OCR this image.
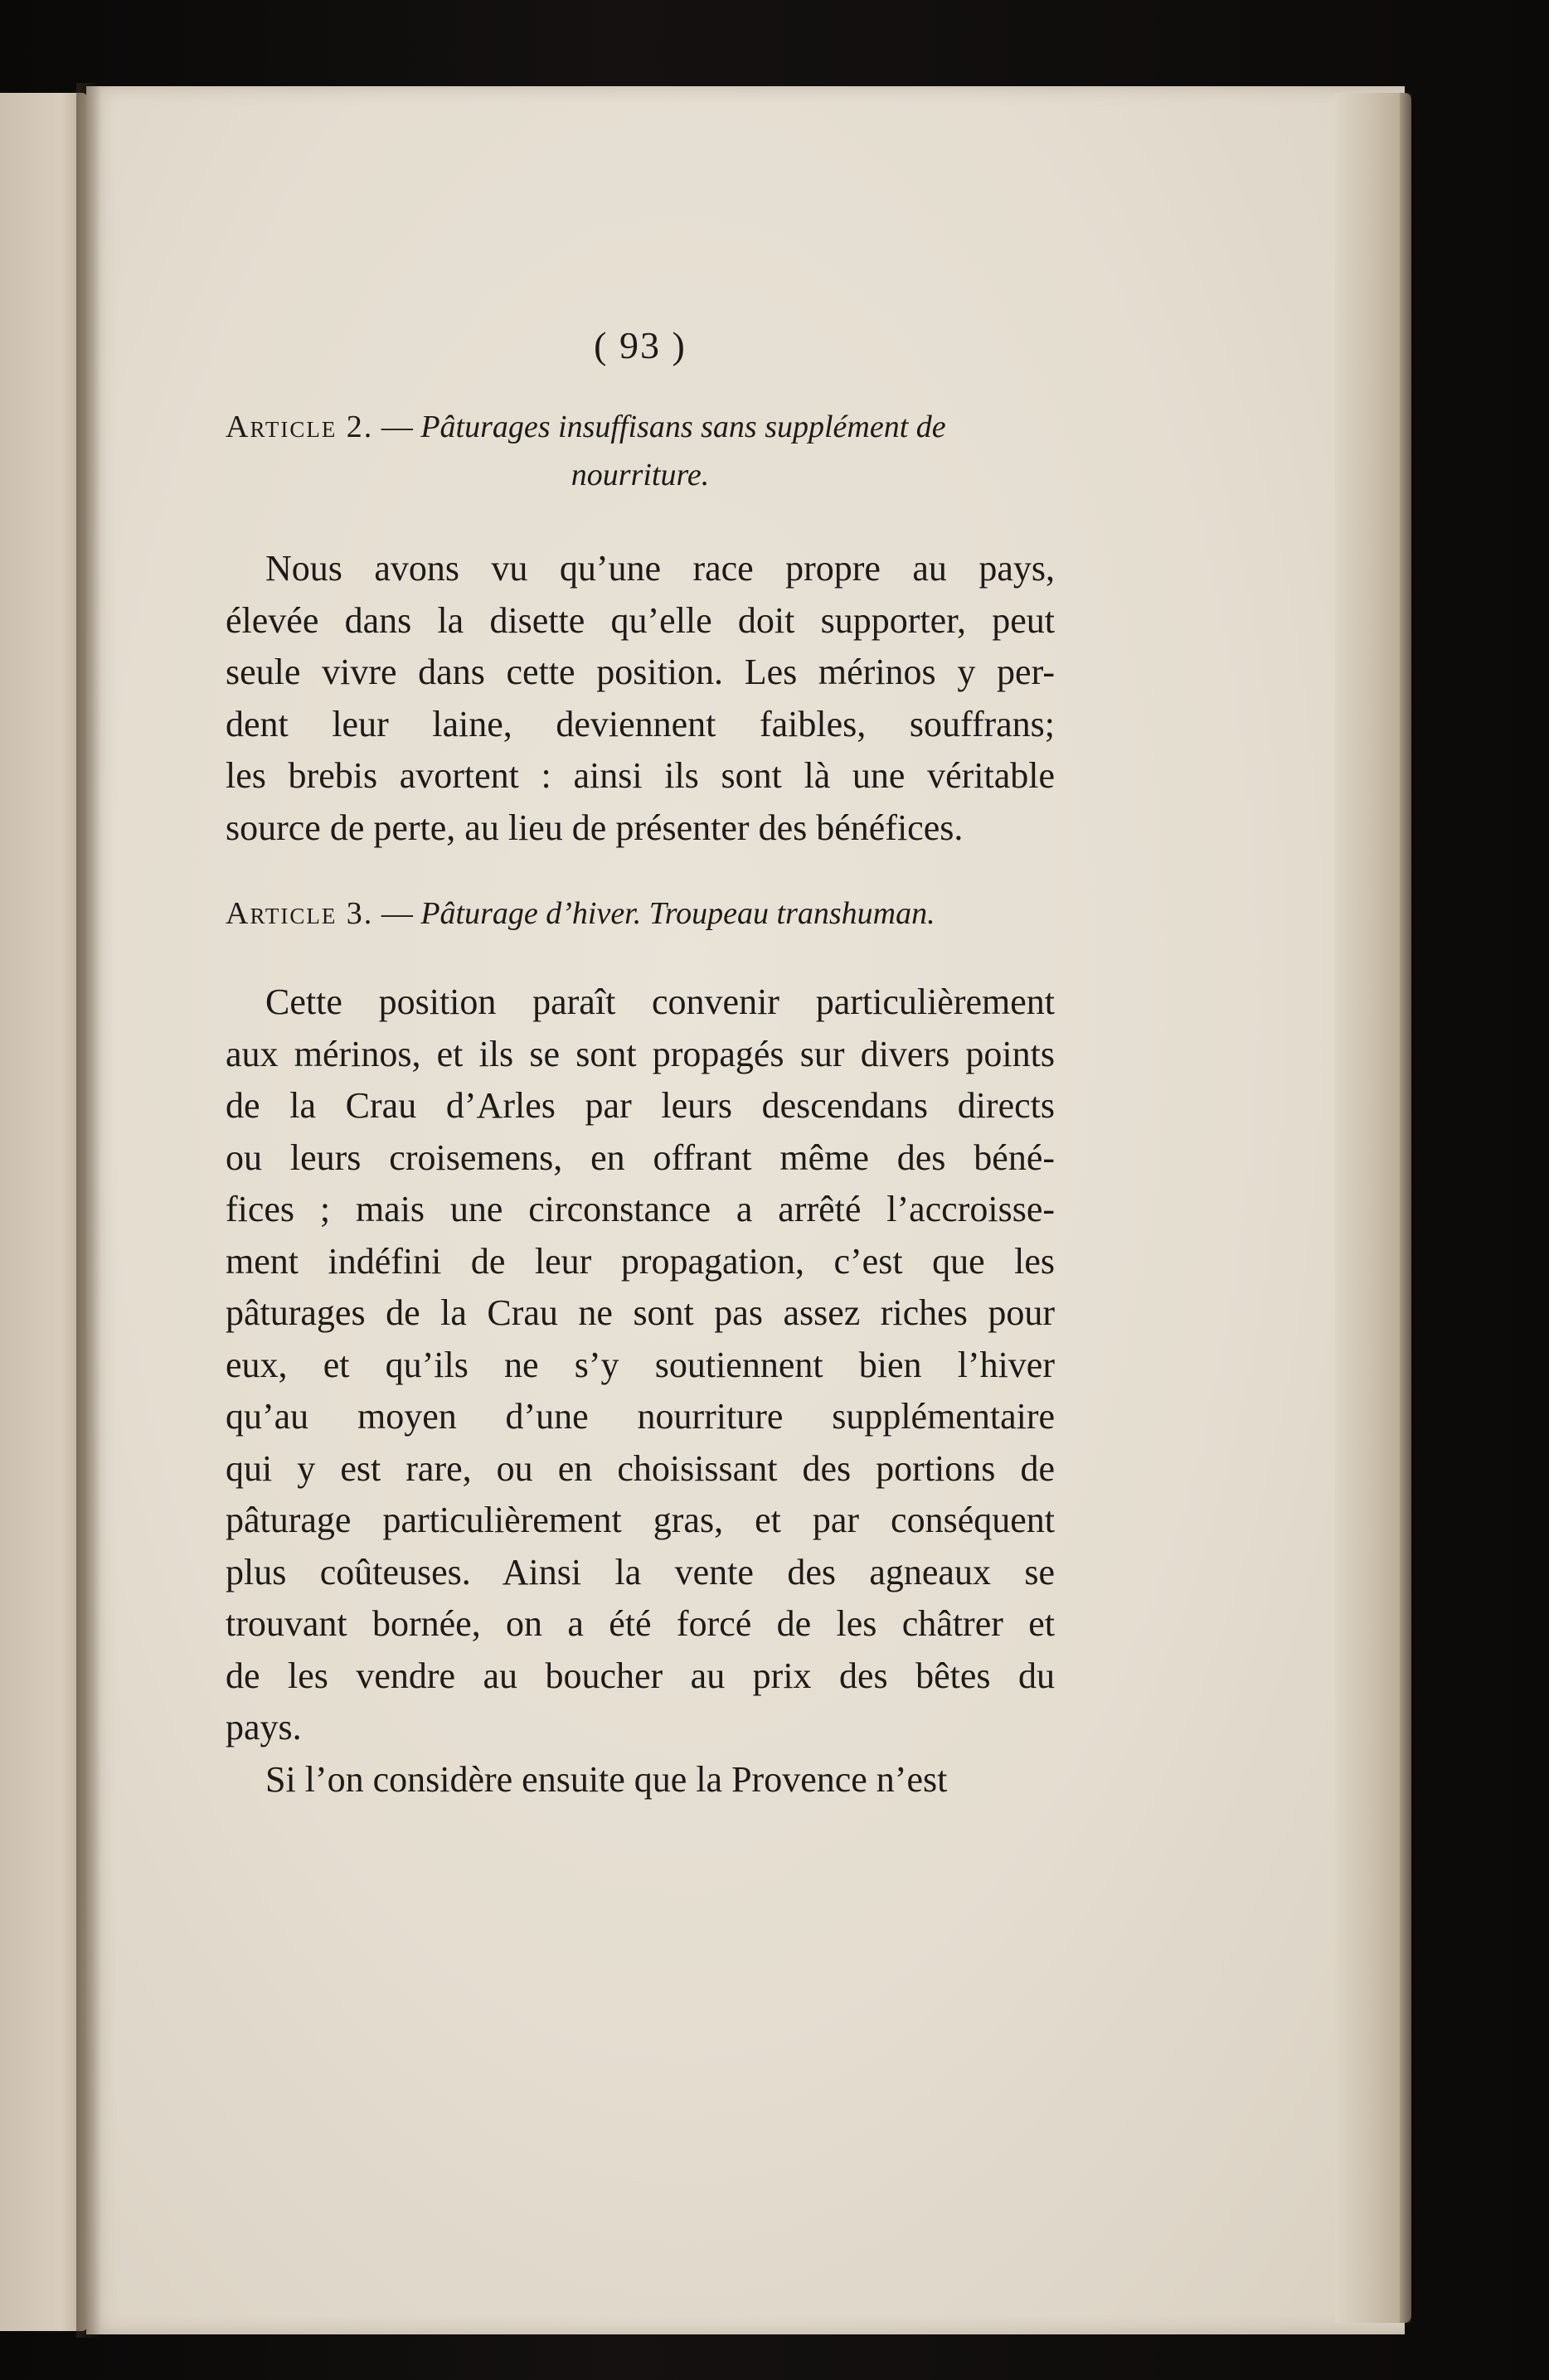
( 93 )

Article 2. — Pâturages insuffisans sans supplément de

nourriture.

Nous avons vu qu’une race propre au pays,
élevée dans la disette qu’elle doit supporter, peut
seule vivre dans cette position. Les mérinos y per-
dent leur laine, deviennent faibles, souffrans;
les brebis avortent : ainsi ils sont là une véritable
source de perte, au lieu de présenter des bénéfices.

Article 3. — Pâturage d’hiver. Troupeau transhuman.

Cette position paraît convenir particulièrement
aux mérinos, et ils se sont propagés sur divers points
de la Crau d’Arles par leurs descendans directs
ou leurs croisemens, en offrant même des béné-
fices ; mais une circonstance a arrêté l’accroisse-
ment indéfini de leur propagation, c’est que les
pâturages de la Crau ne sont pas assez riches pour
eux, et qu’ils ne s’y soutiennent bien l’hiver
qu’au moyen d’une nourriture supplémentaire
qui y est rare, ou en choisissant des portions de
pâturage particulièrement gras, et par conséquent
plus coûteuses. Ainsi la vente des agneaux se
trouvant bornée, on a été forcé de les châtrer et
de les vendre au boucher au prix des bêtes du
pays.
Si l’on considère ensuite que la Provence n’est
